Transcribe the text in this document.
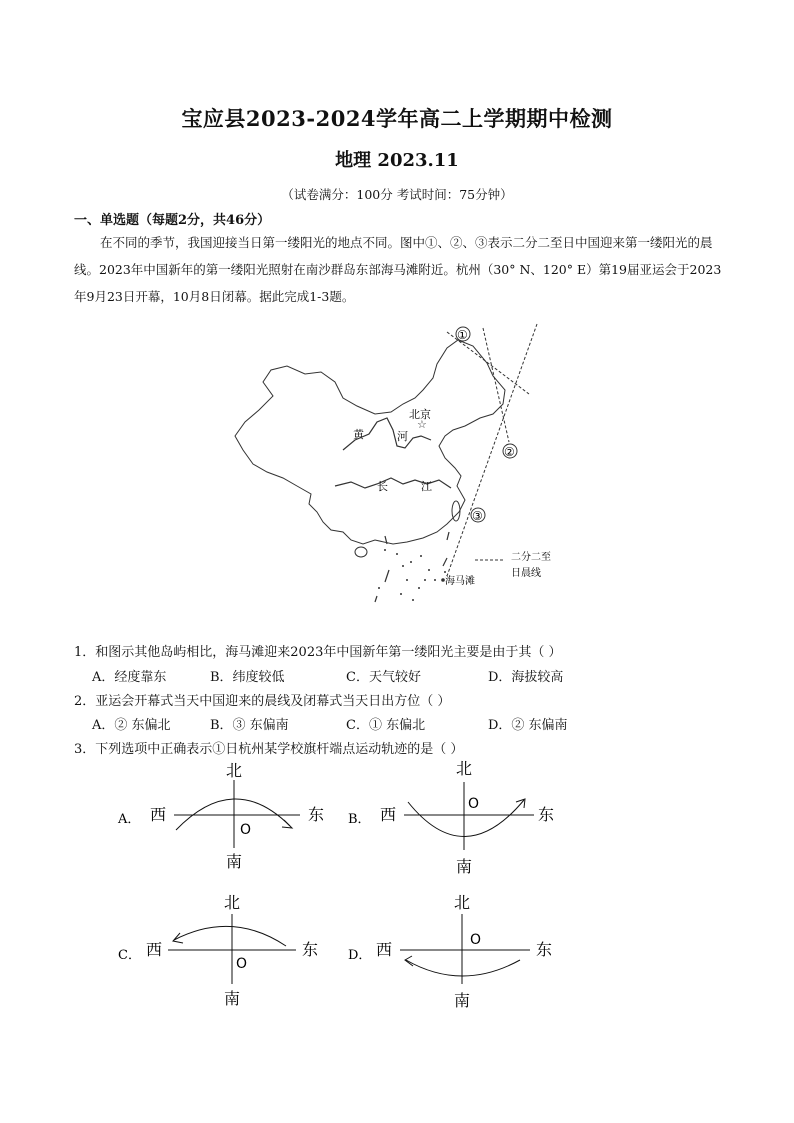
宝应县2023-2024学年高二上学期期中检测
地理 2023.11
（试卷满分：100分 考试时间：75分钟）
一、单选题（每题2分，共46分）
在不同的季节，我国迎接当日第一缕阳光的地点不同。图中①、②、③表示二分二至日中国迎来第一缕阳光的晨线。2023年中国新年的第一缕阳光照射在南沙群岛东部海马滩附近。杭州（30° N、120° E）第19届亚运会于2023年9月23日开幕，10月8日闭幕。据此完成1-3题。
☆
北京
黄	河
长	江
海马滩
①
②
③
二分二至
日晨线
1．和图示其他岛屿相比，海马滩迎来2023年中国新年第一缕阳光主要是由于其（ ）
A．经度靠东	B．纬度较低	C．天气较好	D．海拔较高
2．亚运会开幕式当天中国迎来的晨线及闭幕式当天日出方位（ ）
A．② 东偏北	B．③ 东偏南	C．① 东偏北	D．② 东偏南
3．下列选项中正确表示①日杭州某学校旗杆端点运动轨迹的是（ ）
A．
北
南
西	东
O
B．
北
南
西	东
O
C．
北
南
西	东
O
D．
北
南
西	东
O
